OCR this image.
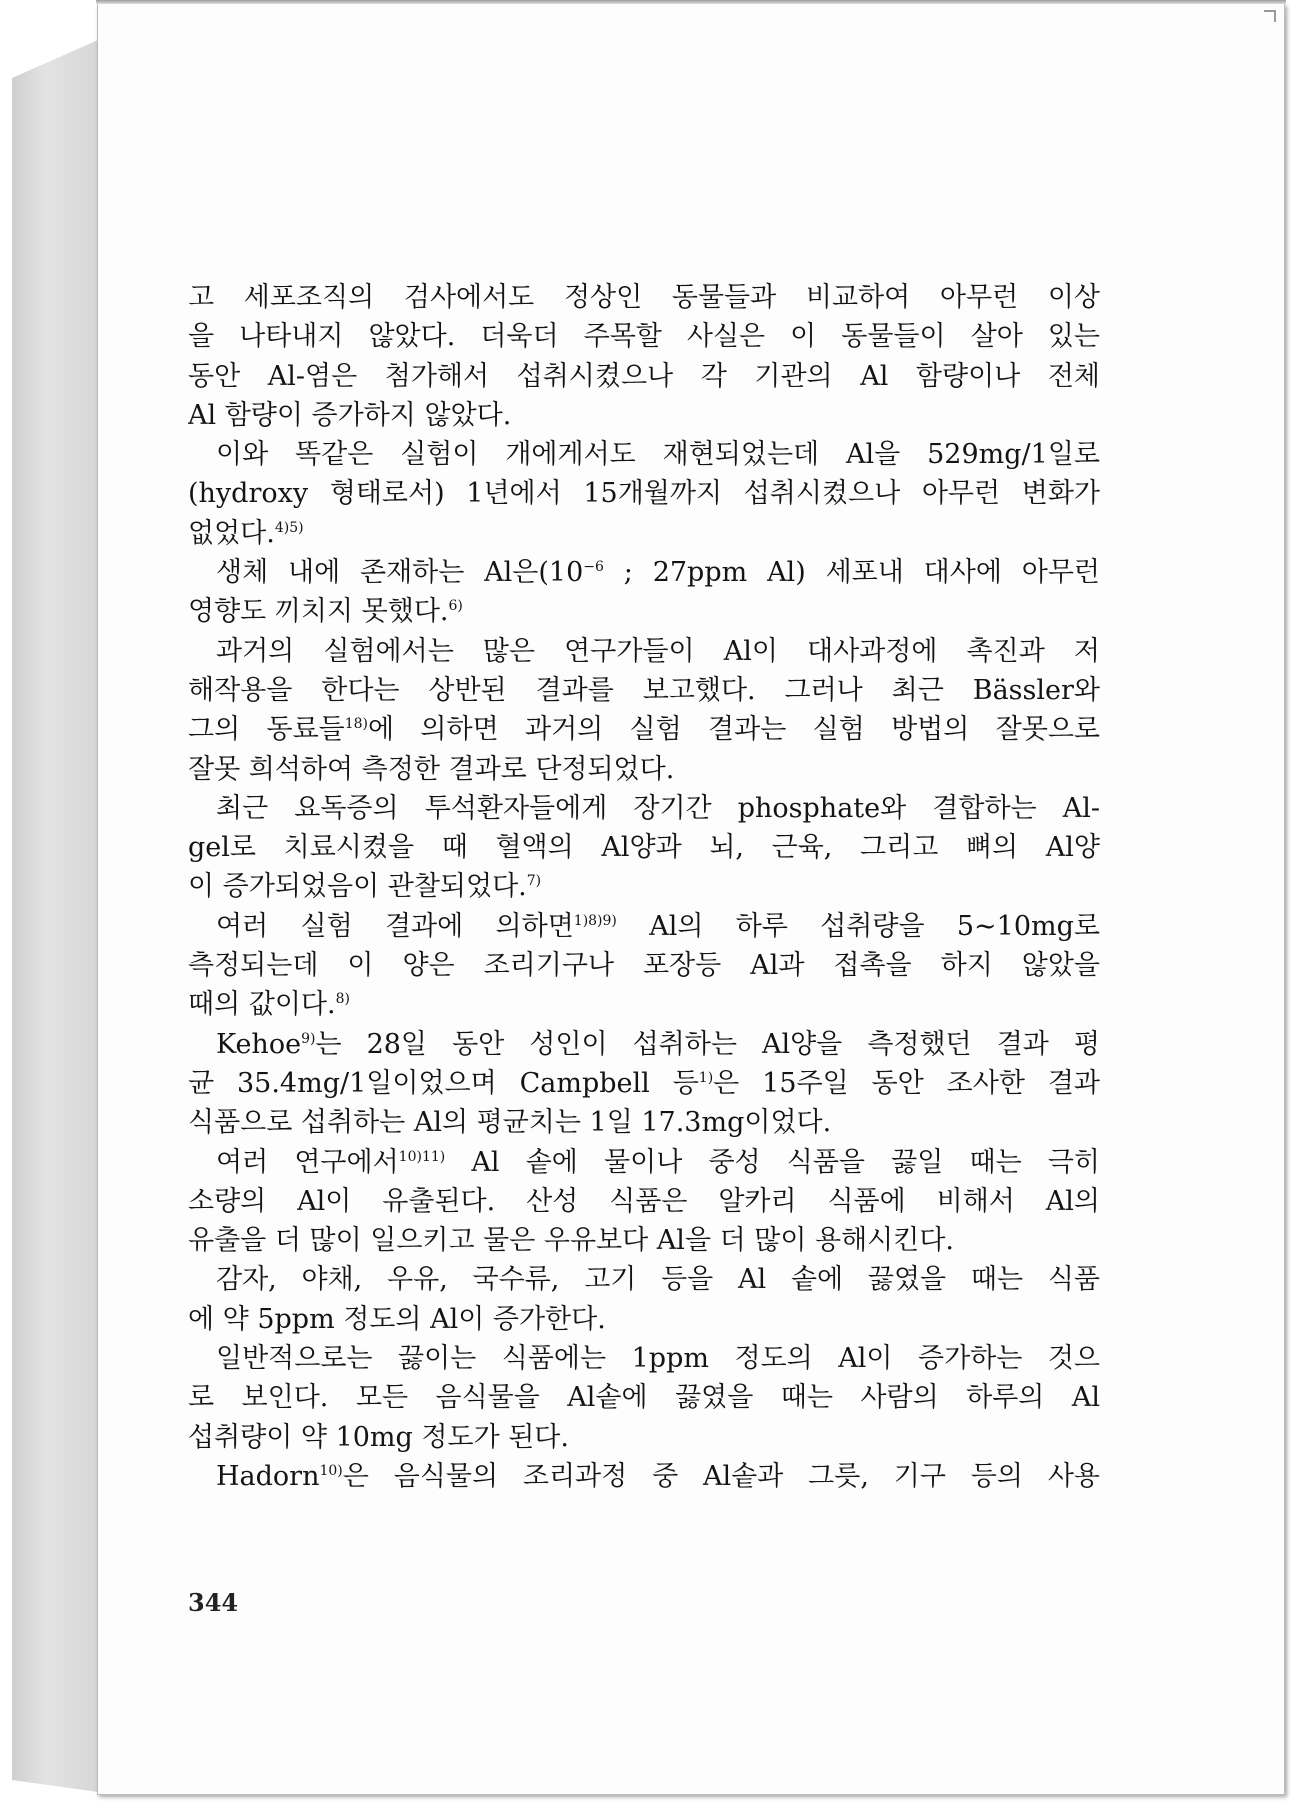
고 세포조직의 검사에서도 정상인 동물들과 비교하여 아무런 이상
을 나타내지 않았다. 더욱더 주목할 사실은 이 동물들이 살아 있는
동안 Al-염은 첨가해서 섭취시켰으나 각 기관의 Al 함량이나 전체
Al 함량이 증가하지 않았다.
이와 똑같은 실험이 개에게서도 재현되었는데 Al을 529mg/1일로
(hydroxy 형태로서) 1년에서 15개월까지 섭취시켰으나 아무런 변화가
없었다.$^{4)5)}$
생체 내에 존재하는 Al은($10^{-6}$ ; 27ppm Al) 세포내 대사에 아무런
영향도 끼치지 못했다.$^{6)}$
과거의 실험에서는 많은 연구가들이 Al이 대사과정에 촉진과 저
해작용을 한다는 상반된 결과를 보고했다. 그러나 최근 Bässler와
그의 동료들$^{18)}$에 의하면 과거의 실험 결과는 실험 방법의 잘못으로
잘못 희석하여 측정한 결과로 단정되었다.
최근 요독증의 투석환자들에게 장기간 phosphate와 결합하는 Al-
gel로 치료시켰을 때 혈액의 Al양과 뇌, 근육, 그리고 뼈의 Al양
이 증가되었음이 관찰되었다.$^{7)}$
여러 실험 결과에 의하면$^{1)8)9)}$ Al의 하루 섭취량을 5∼10mg로
측정되는데 이 양은 조리기구나 포장등 Al과 접촉을 하지 않았을
때의 값이다.$^{8)}$
Kehoe$^{9)}$는 28일 동안 성인이 섭취하는 Al양을 측정했던 결과 평
균 35.4mg/1일이었으며 Campbell 등$^{1)}$은 15주일 동안 조사한 결과
식품으로 섭취하는 Al의 평균치는 1일 17.3mg이었다.
여러 연구에서$^{10)11)}$ Al 솥에 물이나 중성 식품을 끓일 때는 극히
소량의 Al이 유출된다. 산성 식품은 알카리 식품에 비해서 Al의
유출을 더 많이 일으키고 물은 우유보다 Al을 더 많이 용해시킨다.
감자, 야채, 우유, 국수류, 고기 등을 Al 솥에 끓였을 때는 식품
에 약 5ppm 정도의 Al이 증가한다.
일반적으로는 끓이는 식품에는 1ppm 정도의 Al이 증가하는 것으
로 보인다. 모든 음식물을 Al솥에 끓였을 때는 사람의 하루의 Al
섭취량이 약 10mg 정도가 된다.
Hadorn$^{10)}$은 음식물의 조리과정 중 Al솥과 그릇, 기구 등의 사용
344
